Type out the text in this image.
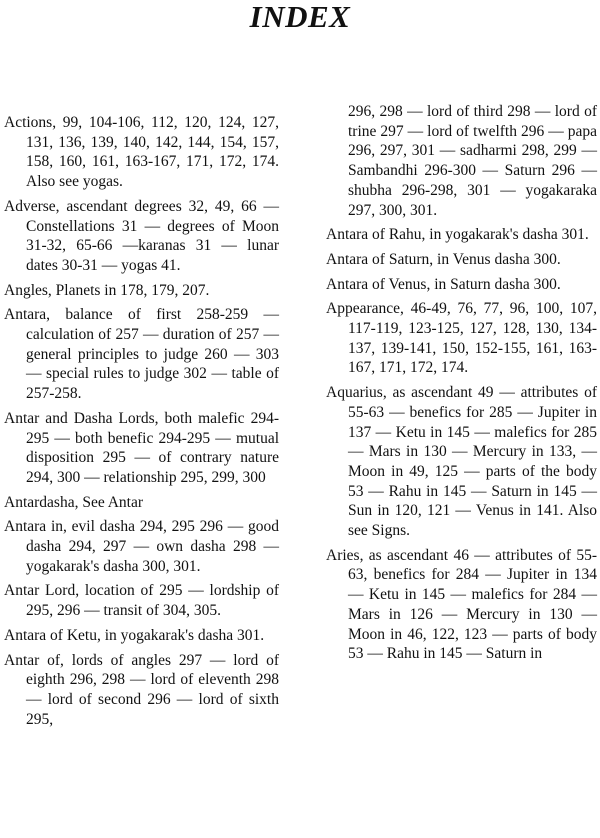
INDEX

Actions, 99, 104-106, 112, 120, 124, 127, 131, 136, 139, 140, 142, 144, 154, 157, 158, 160, 161, 163-167, 171, 172, 174. Also see yogas.

Adverse, ascendant degrees 32, 49, 66 — Constellations 31 — degrees of Moon 31-32, 65-66 —karanas 31 — lunar dates 30-31 — yogas 41.

Angles, Planets in 178, 179, 207.

Antara, balance of first 258-259 — calculation of 257 — duration of 257 — general principles to judge 260 — 303 — special rules to judge 302 — table of 257-258.

Antar and Dasha Lords, both malefic 294-295 — both benefic 294-295 — mutual disposition 295 — of contrary nature 294, 300 — relationship 295, 299, 300

Antardasha, See Antar

Antara in, evil dasha 294, 295 296 — good dasha 294, 297 — own dasha 298 — yogakarak's dasha 300, 301.

Antar Lord, location of 295 — lordship of 295, 296 — transit of 304, 305.

Antara of Ketu, in yogakarak's dasha 301.

Antar of, lords of angles 297 — lord of eighth 296, 298 — lord of eleventh 298 — lord of second 296 — lord of sixth 295,

296, 298 — lord of third 298 — lord of trine 297 — lord of twelfth 296 — papa 296, 297, 301 — sadharmi 298, 299 — Sambandhi 296-300 — Saturn 296 — shubha 296-298, 301 — yogakaraka 297, 300, 301.

Antara of Rahu, in yogakarak's dasha 301.

Antara of Saturn, in Venus dasha 300.

Antara of Venus, in Saturn dasha 300.

Appearance, 46-49, 76, 77, 96, 100, 107, 117-119, 123-125, 127, 128, 130, 134-137, 139-141, 150, 152-155, 161, 163-167, 171, 172, 174.

Aquarius, as ascendant 49 — attributes of 55-63 — benefics for 285 — Jupiter in 137 — Ketu in 145 — malefics for 285 — Mars in 130 — Mercury in 133, — Moon in 49, 125 — parts of the body 53 — Rahu in 145 — Saturn in 145 — Sun in 120, 121 — Venus in 141. Also see Signs.

Aries, as ascendant 46 — attributes of 55-63, benefics for 284 — Jupiter in 134 — Ketu in 145 — malefics for 284 — Mars in 126 — Mercury in 130 — Moon in 46, 122, 123 — parts of body 53 — Rahu in 145 — Saturn in
